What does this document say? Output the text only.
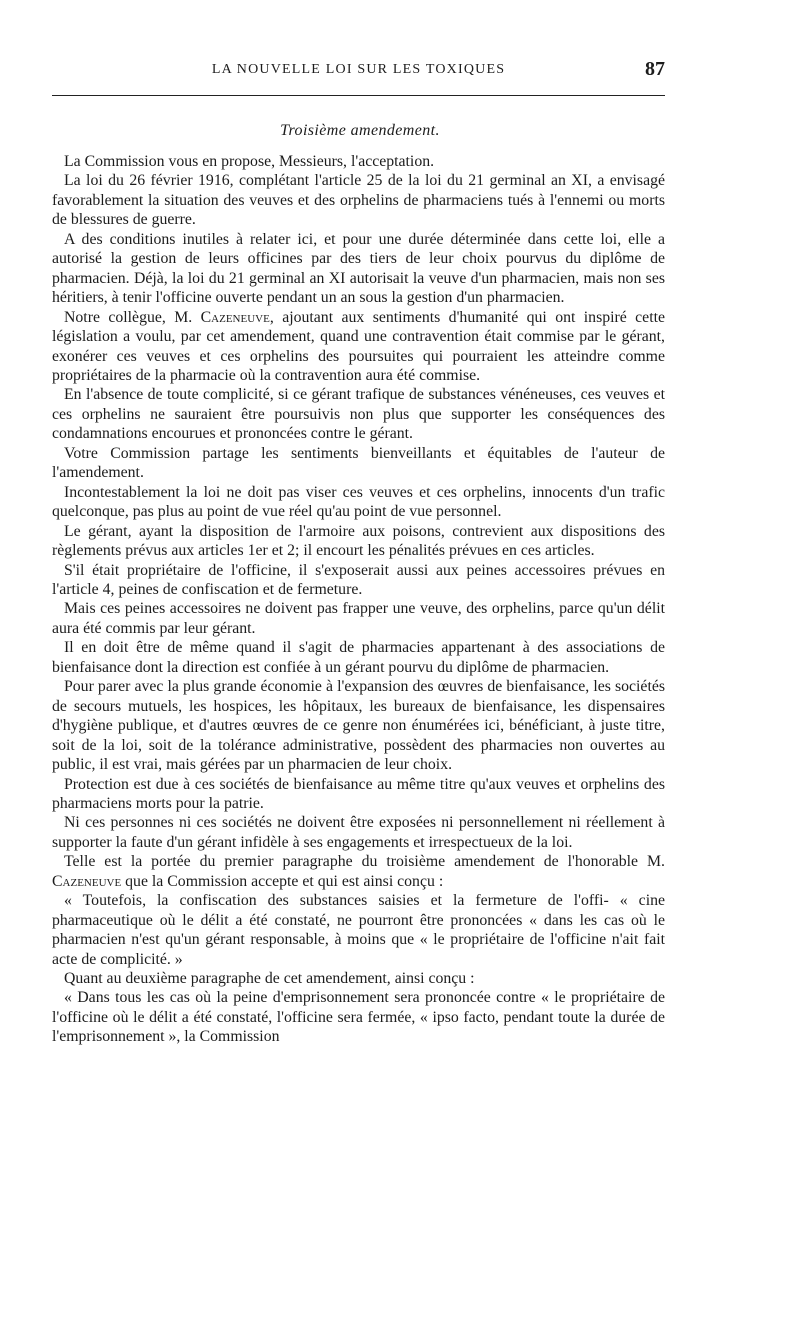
LA NOUVELLE LOI SUR LES TOXIQUES	87
Troisième amendement.

La Commission vous en propose, Messieurs, l'acceptation.

La loi du 26 février 1916, complétant l'article 25 de la loi du 21 germinal an XI, a envisagé favorablement la situation des veuves et des orphelins de pharmaciens tués à l'ennemi ou morts de blessures de guerre.

A des conditions inutiles à relater ici, et pour une durée déterminée dans cette loi, elle a autorisé la gestion de leurs officines par des tiers de leur choix pourvus du diplôme de pharmacien. Déjà, la loi du 21 germinal an XI autorisait la veuve d'un pharmacien, mais non ses héritiers, à tenir l'officine ouverte pendant un an sous la gestion d'un pharmacien.

Notre collègue, M. Cazeneuve, ajoutant aux sentiments d'humanité qui ont inspiré cette législation a voulu, par cet amendement, quand une contravention était commise par le gérant, exonérer ces veuves et ces orphelins des poursuites qui pourraient les atteindre comme propriétaires de la pharmacie où la contravention aura été commise.

En l'absence de toute complicité, si ce gérant trafique de substances vénéneuses, ces veuves et ces orphelins ne sauraient être poursuivis non plus que supporter les conséquences des condamnations encourues et prononcées contre le gérant.

Votre Commission partage les sentiments bienveillants et équitables de l'auteur de l'amendement.

Incontestablement la loi ne doit pas viser ces veuves et ces orphelins, innocents d'un trafic quelconque, pas plus au point de vue réel qu'au point de vue personnel.

Le gérant, ayant la disposition de l'armoire aux poisons, contrevient aux dispositions des règlements prévus aux articles 1er et 2; il encourt les pénalités prévues en ces articles.

S'il était propriétaire de l'officine, il s'exposerait aussi aux peines accessoires prévues en l'article 4, peines de confiscation et de fermeture.

Mais ces peines accessoires ne doivent pas frapper une veuve, des orphelins, parce qu'un délit aura été commis par leur gérant.

Il en doit être de même quand il s'agit de pharmacies appartenant à des associations de bienfaisance dont la direction est confiée à un gérant pourvu du diplôme de pharmacien.

Pour parer avec la plus grande économie à l'expansion des œuvres de bienfaisance, les sociétés de secours mutuels, les hospices, les hôpitaux, les bureaux de bienfaisance, les dispensaires d'hygiène publique, et d'autres œuvres de ce genre non énumérées ici, bénéficiant, à juste titre, soit de la loi, soit de la tolérance administrative, possèdent des pharmacies non ouvertes au public, il est vrai, mais gérées par un pharmacien de leur choix.

Protection est due à ces sociétés de bienfaisance au même titre qu'aux veuves et orphelins des pharmaciens morts pour la patrie.

Ni ces personnes ni ces sociétés ne doivent être exposées ni personnellement ni réellement à supporter la faute d'un gérant infidèle à ses engagements et irrespectueux de la loi.

Telle est la portée du premier paragraphe du troisième amendement de l'honorable M. Cazeneuve que la Commission accepte et qui est ainsi conçu :

« Toutefois, la confiscation des substances saisies et la fermeture de l'offi- « cine pharmaceutique où le délit a été constaté, ne pourront être prononcées « dans les cas où le pharmacien n'est qu'un gérant responsable, à moins que « le propriétaire de l'officine n'ait fait acte de complicité. »

Quant au deuxième paragraphe de cet amendement, ainsi conçu :

« Dans tous les cas où la peine d'emprisonnement sera prononcée contre « le propriétaire de l'officine où le délit a été constaté, l'officine sera fermée, « ipso facto, pendant toute la durée de l'emprisonnement », la Commission
